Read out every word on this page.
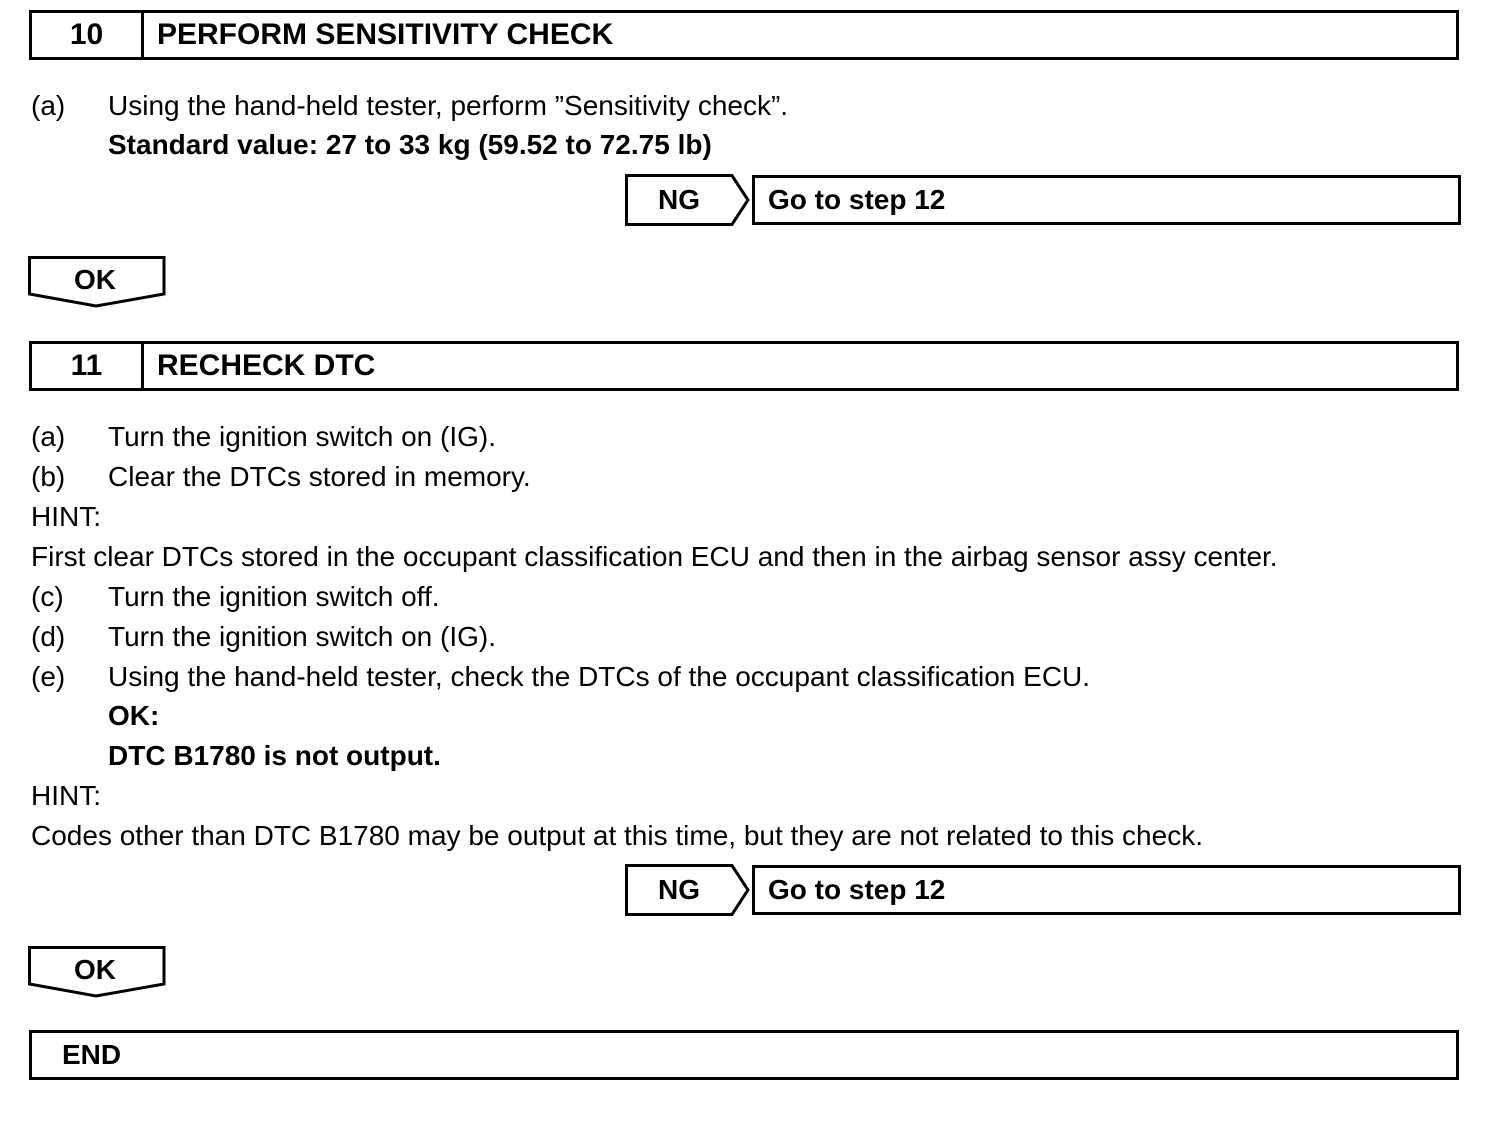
10	PERFORM SENSITIVITY CHECK
(a) Using the hand-held tester, perform ”Sensitivity check”.
Standard value: 27 to 33 kg (59.52 to 72.75 lb)
NG	Go to step 12
OK
11	RECHECK DTC
(a) Turn the ignition switch on (IG).
(b) Clear the DTCs stored in memory.
HINT:
First clear DTCs stored in the occupant classification ECU and then in the airbag sensor assy center.
(c) Turn the ignition switch off.
(d) Turn the ignition switch on (IG).
(e) Using the hand-held tester, check the DTCs of the occupant classification ECU.
OK:
DTC B1780 is not output.
HINT:
Codes other than DTC B1780 may be output at this time, but they are not related to this check.
NG	Go to step 12
OK
END
